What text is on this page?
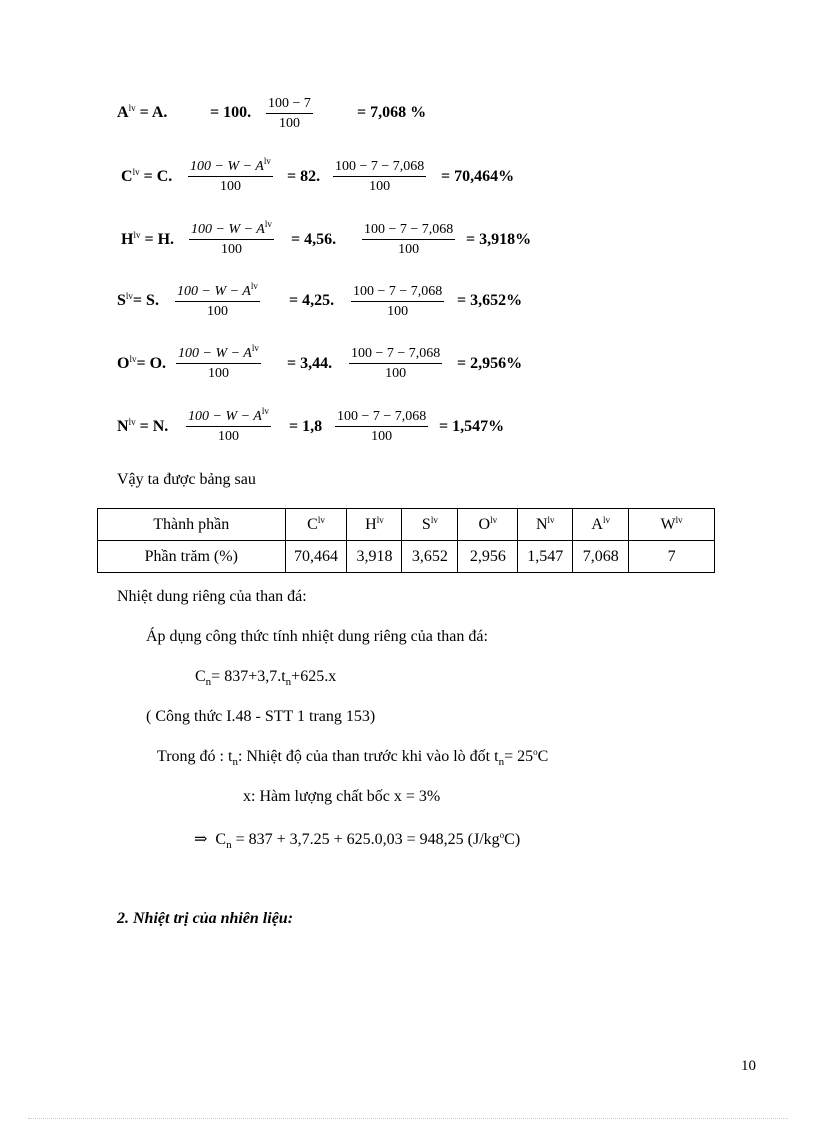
$A^{lv} = A$.	= 100. $\frac{100 - 7}{100}$	= 7,068 %
$C^{lv} = C$.
$100 - W - A^{lv}$
100
= 82. $\frac{100 - 7 - 7,068}{100} = 70,464\%$
$H^{lv} = H$.
$100 - W - A^{lv}$
100
= 4,56. $\frac{100 - 7 - 7,068}{100} = 3,918\%$
$S^{lv}= S$.
$100 - W - A^{lv}$
100
= 4,25. $\frac{100 - 7 - 7,068}{100} = 3,652\%$
$O^{lv}= O$.
$100 - W - A^{lv}$
100
= 3,44. $\frac{100 - 7 - 7,068}{100} = 2,956\%$
$N^{lv} = N$.
$100 - W - A^{lv}$
100
= $1,8 \frac{100 - 7 - 7,068}{100} = 1,547\%$
Vậy ta được bảng sau
Thành phần	$C^{lv}$	$H^{lv}$	$S^{lv}$	$O^{lv}$	$N^{lv}$	$A^{lv}$	$W^{lv}$
Phần trăm (%)	70,464	3,918	3,652	2,956	1,547	7,068	7
Nhiệt dung riêng của than đá:
Áp dụng công thức tính nhiệt dung riêng của than đá:
$C_n= 837+3,7.t_n+625.x$
( Công thức I.48 - STT 1 trang 153)
Trong đó : $t_n$: Nhiệt độ của than trước khi vào lò đốt $t_n= 25^oC$
x: Hàm lượng chất bốc x = 3%
⇒ $C_n = 837 + 3,7.25 + 625.0,03 = 948,25$ $(J/kg^oC)$
2. Nhiệt trị của nhiên liệu:
10
